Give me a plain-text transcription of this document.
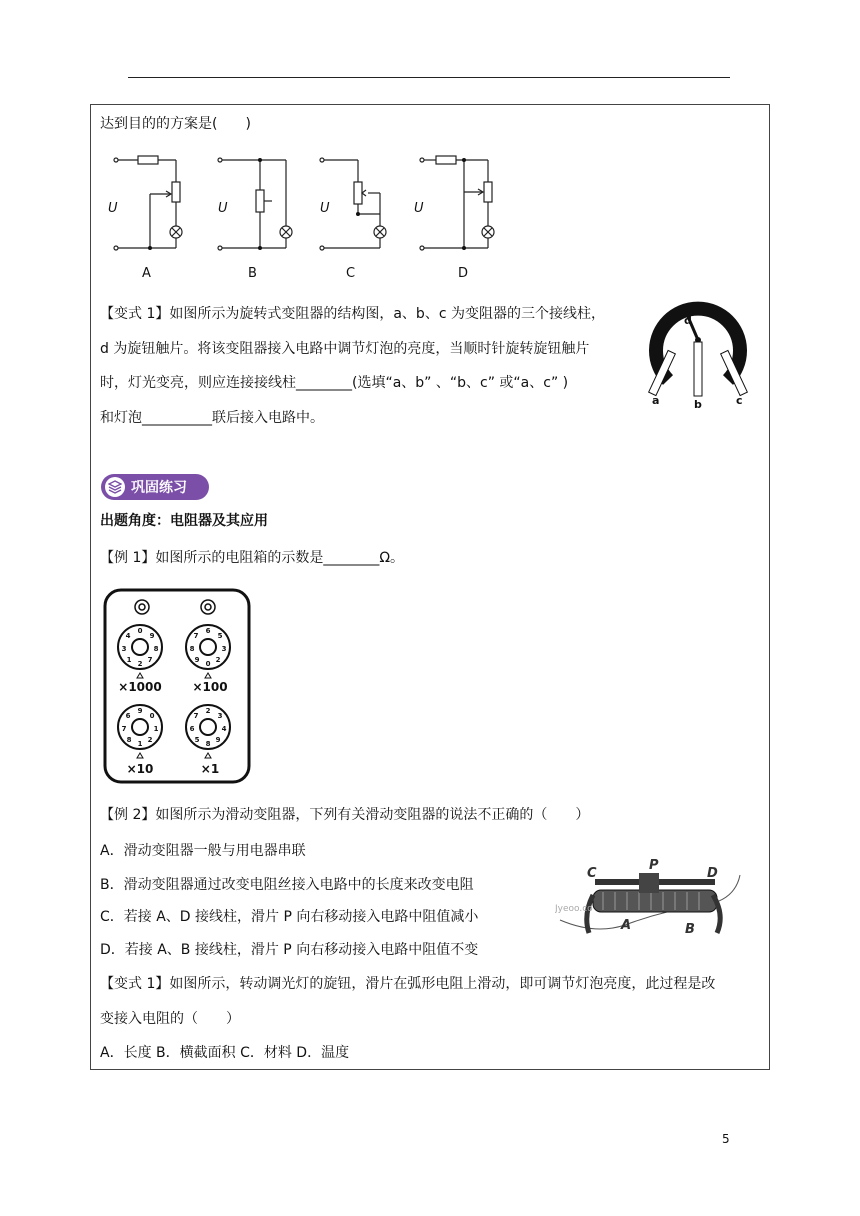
达到目的的方案是(　　)
U	U	U	U
A	B	C	D
【变式 1】如图所示为旋转式变阻器的结构图，a、b、c 为变阻器的三个接线柱，
d 为旋钮触片。将该变阻器接入电路中调节灯泡的亮度，当顺时针旋转旋钮触片
时，灯光变亮，则应连接接线柱________(选填“a、b” 、“b、c” 或“a、c” )
和灯泡__________联后接入电路中。
a	b	c
d
巩固练习
出题角度：电阻器及其应用
【例 1】如图所示的电阻箱的示数是________Ω。
0
9
8
7
2
1
3
4
6
5
3
2
0
9
8
7
9
0
1
2
1
8
7
6
2
3
4
9
8
5
6
7
×1000	×100
×10	×1
【例 2】如图所示为滑动变阻器，下列有关滑动变阻器的说法不正确的（　　）
A．滑动变阻器一般与用电器串联
B．滑动变阻器通过改变电阻丝接入电路中的长度来改变电阻
C．若接 A、D 接线柱，滑片 P 向右移动接入电路中阻值减小
D．若接 A、B 接线柱，滑片 P 向右移动接入电路中阻值不变
C
P
D
A	B
Jyeoo.co
【变式 1】如图所示，转动调光灯的旋钮，滑片在弧形电阻上滑动，即可调节灯泡亮度，此过程是改
变接入电阻的（　　）
A．长度 B．横截面积 C．材料 D．温度
5
